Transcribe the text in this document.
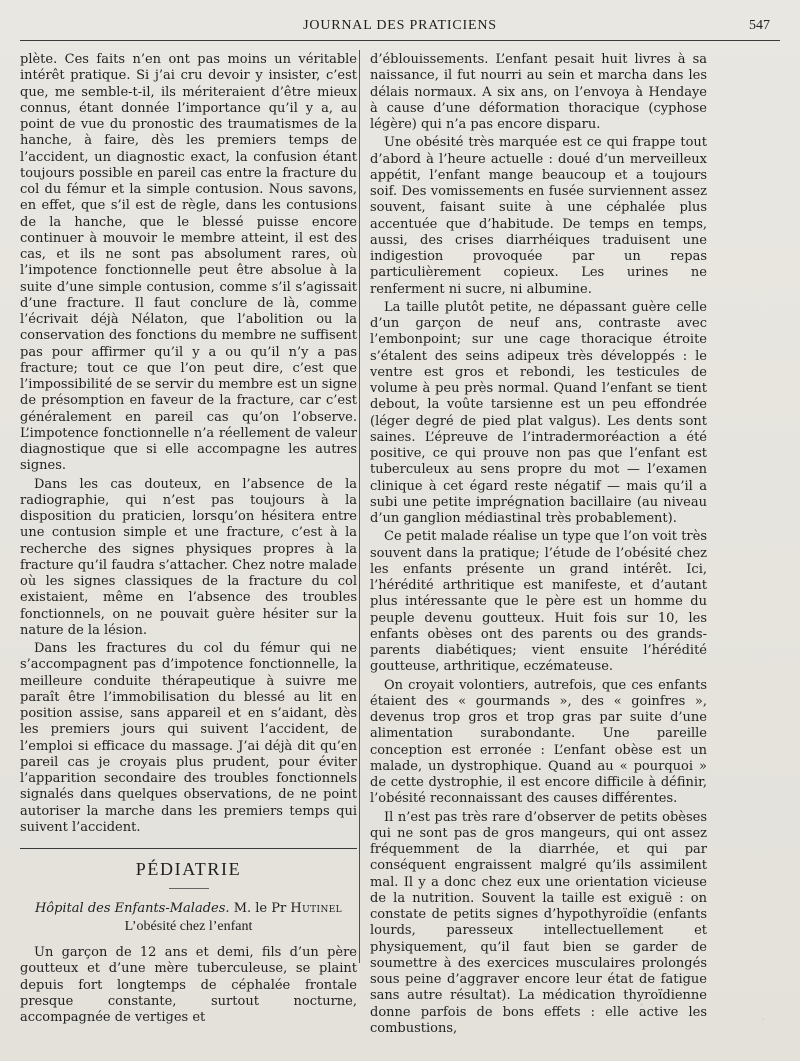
JOURNAL DES PRATICIENS	547

plète. Ces faits n’en ont pas moins un véritable intérêt pratique. Si j’ai cru devoir y insister, c’est que, me semble-t-il, ils mériteraient d’être mieux connus, étant donnée l’importance qu’il y a, au point de vue du pronostic des traumatismes de la hanche, à faire, dès les premiers temps de l’accident, un diagnostic exact, la confusion étant toujours possible en pareil cas entre la fracture du col du fémur et la simple contusion. Nous savons, en effet, que s’il est de règle, dans les contusions de la hanche, que le blessé puisse encore continuer à mouvoir le membre atteint, il est des cas, et ils ne sont pas absolument rares, où l’impotence fonctionnelle peut être absolue à la suite d’une simple contusion, comme s’il s’agissait d’une fracture. Il faut conclure de là, comme l’écrivait déjà Nélaton, que l’abolition ou la conservation des fonctions du membre ne suffisent pas pour affirmer qu’il y a ou qu’il n’y a pas fracture; tout ce que l’on peut dire, c’est que l’impossibilité de se servir du membre est un signe de présomption en faveur de la fracture, car c’est généralement en pareil cas qu’on l’observe. L’impotence fonctionnelle n’a réellement de valeur diagnostique que si elle accompagne les autres signes.

Dans les cas douteux, en l’absence de la radiographie, qui n’est pas toujours à la disposition du praticien, lorsqu’on hésitera entre une contusion simple et une fracture, c’est à la recherche des signes physiques propres à la fracture qu’il faudra s’attacher. Chez notre malade où les signes classiques de la fracture du col existaient, même en l’absence des troubles fonctionnels, on ne pouvait guère hésiter sur la nature de la lésion.

Dans les fractures du col du fémur qui ne s’accompagnent pas d’impotence fonctionnelle, la meilleure conduite thérapeutique à suivre me paraît être l’immobilisation du blessé au lit en position assise, sans appareil et en s’aidant, dès les premiers jours qui suivent l’accident, de l’emploi si efficace du massage. J’ai déjà dit qu’en pareil cas je croyais plus prudent, pour éviter l’apparition secondaire des troubles fonctionnels signalés dans quelques observations, de ne point autoriser la marche dans les premiers temps qui suivent l’accident.

PÉDIATRIE
Hôpital des Enfants-Malades. M. le Pr Hutinel
L’obésité chez l’enfant

Un garçon de 12 ans et demi, fils d’un père goutteux et d’une mère tuberculeuse, se plaint depuis fort longtemps de céphalée frontale presque constante, surtout nocturne, accompagnée de vertiges et

d’éblouissements. L’enfant pesait huit livres à sa naissance, il fut nourri au sein et marcha dans les délais normaux. A six ans, on l’envoya à Hendaye à cause d’une déformation thoracique (cyphose légère) qui n’a pas encore disparu.

Une obésité très marquée est ce qui frappe tout d’abord à l’heure actuelle : doué d’un merveilleux appétit, l’enfant mange beaucoup et a toujours soif. Des vomissements en fusée surviennent assez souvent, faisant suite à une céphalée plus accentuée que d’habitude. De temps en temps, aussi, des crises diarrhéiques traduisent une indigestion provoquée par un repas particulièrement copieux. Les urines ne renferment ni sucre, ni albumine.

La taille plutôt petite, ne dépassant guère celle d’un garçon de neuf ans, contraste avec l’embonpoint; sur une cage thoracique étroite s’étalent des seins adipeux très développés : le ventre est gros et rebondi, les testicules de volume à peu près normal. Quand l’enfant se tient debout, la voûte tarsienne est un peu effondrée (léger degré de pied plat valgus). Les dents sont saines. L’épreuve de l’intradermoréaction a été positive, ce qui prouve non pas que l’enfant est tuberculeux au sens propre du mot — l’examen clinique à cet égard reste négatif — mais qu’il a subi une petite imprégnation bacillaire (au niveau d’un ganglion médiastinal très probablement).

Ce petit malade réalise un type que l’on voit très souvent dans la pratique; l’étude de l’obésité chez les enfants présente un grand intérêt. Ici, l’hérédité arthritique est manifeste, et d’autant plus intéressante que le père est un homme du peuple devenu goutteux. Huit fois sur 10, les enfants obèses ont des parents ou des grands-parents diabétiques; vient ensuite l’hérédité goutteuse, arthritique, eczémateuse.

On croyait volontiers, autrefois, que ces enfants étaient des « gourmands », des « goinfres », devenus trop gros et trop gras par suite d’une alimentation surabondante. Une pareille conception est erronée : L’enfant obèse est un malade, un dystrophique. Quand au « pourquoi » de cette dystrophie, il est encore difficile à définir, l’obésité reconnaissant des causes différentes.

Il n’est pas très rare d’observer de petits obèses qui ne sont pas de gros mangeurs, qui ont assez fréquemment de la diarrhée, et qui par conséquent engraissent malgré qu’ils assimilent mal. Il y a donc chez eux une orientation vicieuse de la nutrition. Souvent la taille est exiguë : on constate de petits signes d’hypothyroïdie (enfants lourds, paresseux intellectuellement et physiquement, qu’il faut bien se garder de soumettre à des exercices musculaires prolongés sous peine d’aggraver encore leur état de fatigue sans autre résultat). La médication thyroïdienne donne parfois de bons effets : elle active les combustions,
